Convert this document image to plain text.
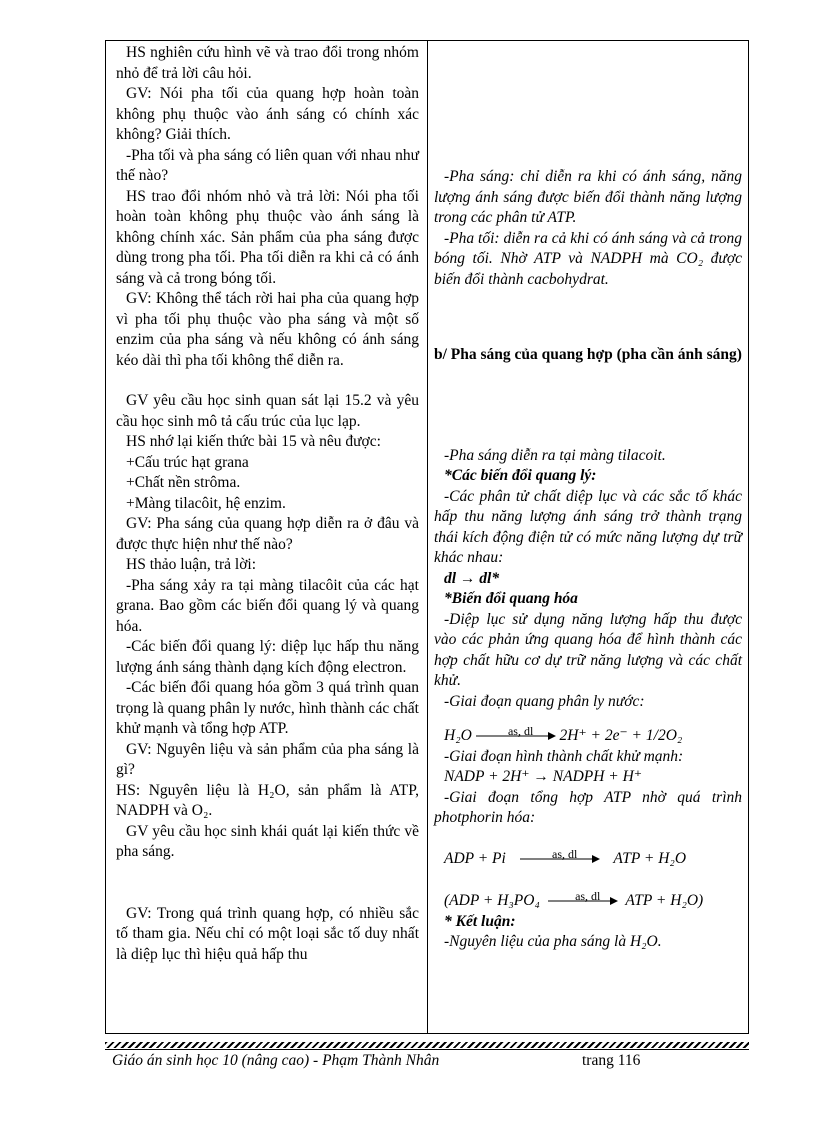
HS nghiên cứu hình vẽ và trao đổi trong nhóm nhỏ để trả lời câu hỏi.

GV: Nói pha tối của quang hợp hoàn toàn không phụ thuộc vào ánh sáng có chính xác không? Giải thích.

-Pha tối và pha sáng có liên quan với nhau như thế nào?

HS trao đổi nhóm nhỏ và trả lời: Nói pha tối hoàn toàn không phụ thuộc vào ánh sáng là không chính xác. Sản phẩm của pha sáng được dùng trong pha tối. Pha tối diễn ra khi cả có ánh sáng và cả trong bóng tối.

GV: Không thể tách rời hai pha của quang hợp vì pha tối phụ thuộc vào pha sáng và một số enzim của pha sáng và nếu không có ánh sáng kéo dài thì pha tối không thể diễn ra.

GV yêu cầu học sinh quan sát lại 15.2 và yêu cầu học sinh mô tả cấu trúc của lục lạp.

HS nhớ lại kiến thức bài 15 và nêu được:

+Cấu trúc hạt grana

+Chất nền strôma.

+Màng tilacôit, hệ enzim.

GV: Pha sáng của quang hợp diễn ra ở đâu và được thực hiện như thế nào?

HS thảo luận, trả lời:

-Pha sáng xảy ra tại màng tilacôit của các hạt grana. Bao gồm các biến đổi quang lý và quang hóa.

-Các biến đổi quang lý: diệp lục hấp thu năng lượng ánh sáng thành dạng kích động electron.

-Các biến đổi quang hóa gồm 3 quá trình quan trọng là quang phân ly nước, hình thành các chất khử mạnh và tổng hợp ATP.

GV: Nguyên liệu và sản phẩm của pha sáng là gì?

HS: Nguyên liệu là H₂O, sản phẩm là ATP, NADPH và O₂.

GV yêu cầu học sinh khái quát lại kiến thức về pha sáng.

GV: Trong quá trình quang hợp, có nhiều sắc tố tham gia. Nếu chỉ có một loại sắc tố duy nhất là diệp lục thì hiệu quả hấp thu

-Pha sáng: chỉ diễn ra khi có ánh sáng, năng lượng ánh sáng được biến đổi thành năng lượng trong các phân tử ATP.

-Pha tối: diễn ra cả khi có ánh sáng và cả trong bóng tối. Nhờ ATP và NADPH mà CO₂ được biến đổi thành cacbohydrat.

b/ Pha sáng của quang hợp (pha cần ánh sáng)

-Pha sáng diễn ra tại màng tilacoit.

*Các biến đổi quang lý:

-Các phân tử chất diệp lục và các sắc tố khác hấp thu năng lượng ánh sáng trở thành trạng thái kích động điện tử có mức năng lượng dự trữ khác nhau:

dl → dl*

*Biến đổi quang hóa

-Diệp lục sử dụng năng lượng hấp thu được vào các phản ứng quang hóa để hình thành các hợp chất hữu cơ dự trữ năng lượng và các chất khử.

-Giai đoạn quang phân ly nước:

H₂O	as, dl	2H⁺ + 2e⁻ + 1/2O₂

-Giai đoạn hình thành chất khử mạnh:

NADP + 2H⁺ → NADPH + H⁺

-Giai đoạn tổng hợp ATP nhờ quá trình photphorin hóa:

ADP + Pi	as, dl	ATP + H₂O
(ADP + H₃PO₄	as, dl	ATP + H₂O)

* Kết luận:

-Nguyên liệu của pha sáng là H₂O.

Giáo án sinh học 10 (nâng cao) - Phạm Thành Nhân	trang 116
